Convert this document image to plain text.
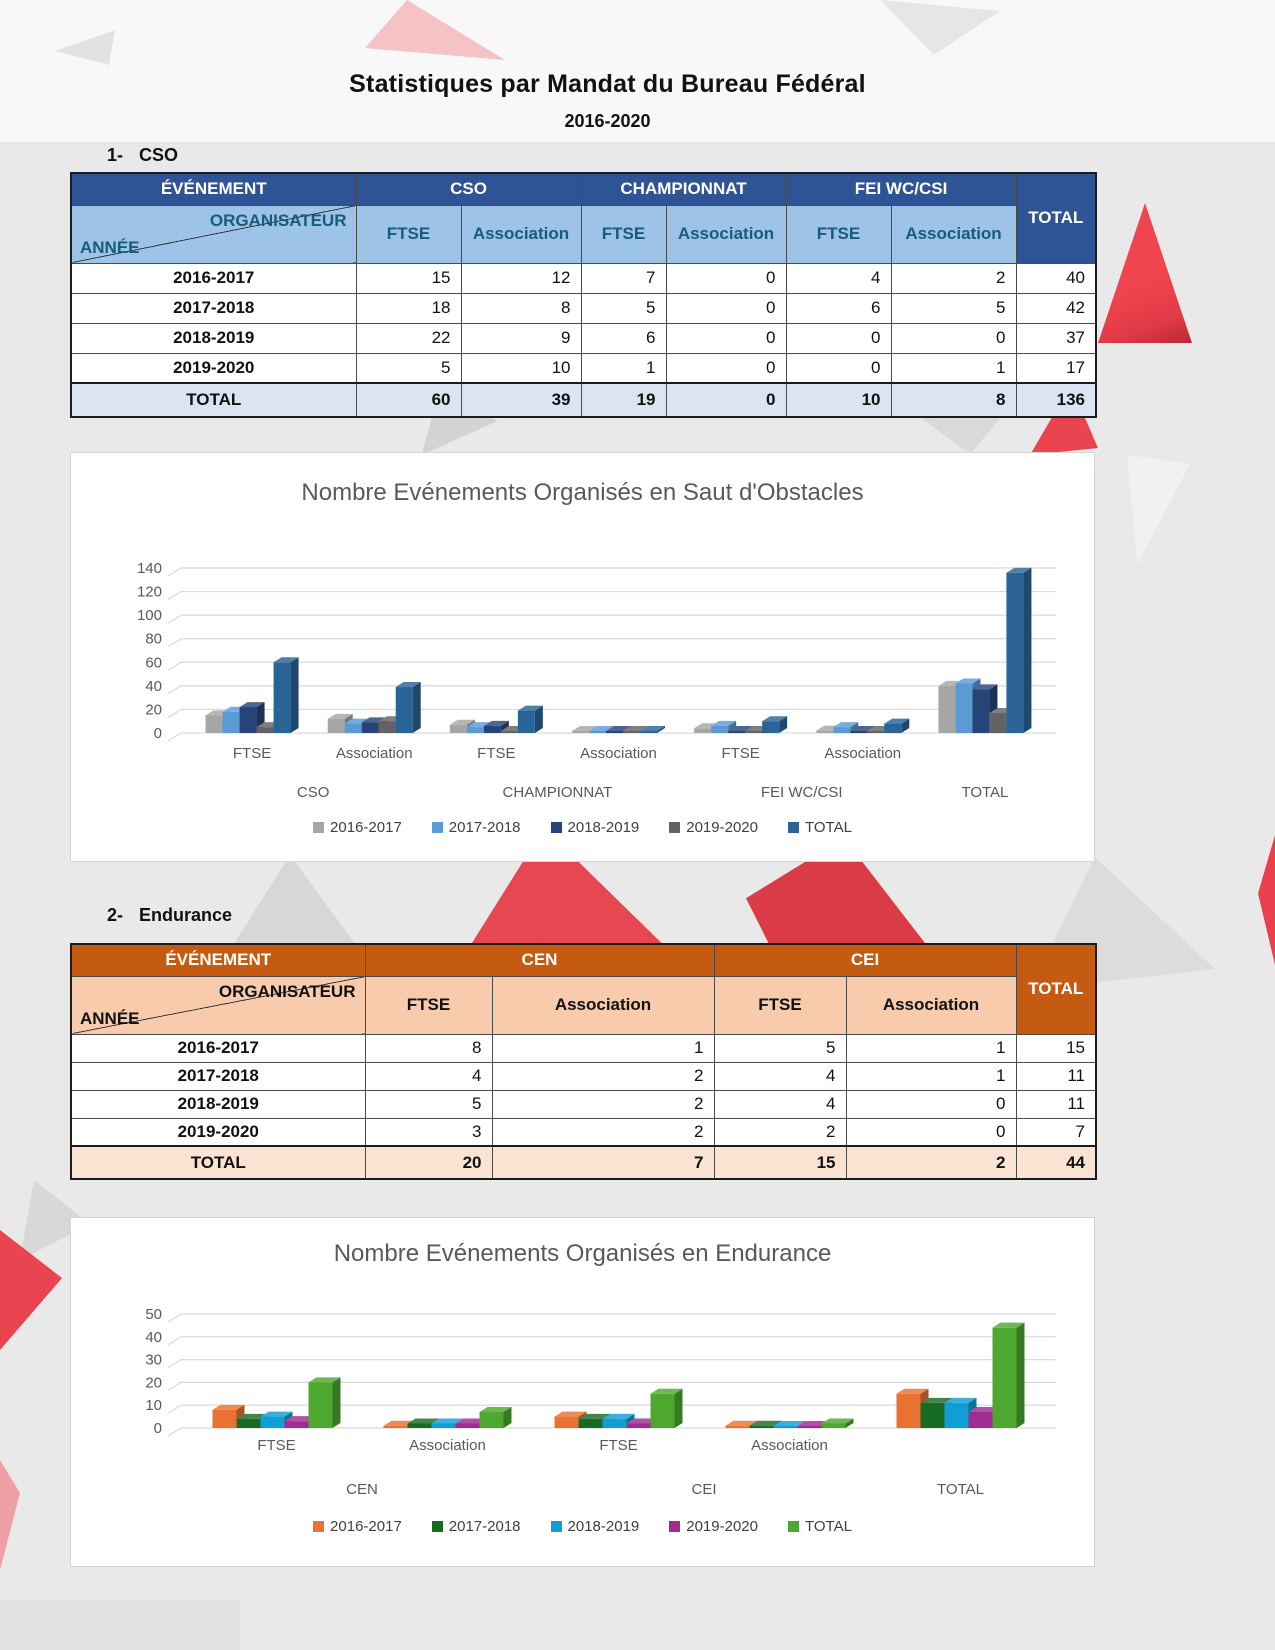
Statistiques par Mandat du Bureau Fédéral
2016-2020
1- CSO
ÉVÉNEMENT	CSO		CHAMPIONNAT		FEI WC/CSI		TOTAL

ORGANISATEUR
ANNÉE	FTSE	Association	FTSE	Association	FTSE	Association	
2016-2017	15	12	7	0	4	2	40
2017-2018	18	8	5	0	6	5	42
2018-2019	22	9	6	0	0	0	37
2019-2020	5	10	1	0	0	1	17
TOTAL	60	39	19	0	10	8	136
0
20
40
60
80
100
120
140
FTSE	Association	FTSE	Association	FTSE	Association
CSO	CHAMPIONNAT	FEI WC/CSI	TOTAL
Nombre Evénements Organisés en Saut d'Obstacles
2016-2017	2017-2018	2018-2019	2019-2020	TOTAL
2- Endurance
ÉVÉNEMENT	CEN		CEI		TOTAL

ORGANISATEUR
ANNÉE	FTSE	Association	FTSE	Association	
2016-2017	8	1	5	1	15
2017-2018	4	2	4	1	11
2018-2019	5	2	4	0	11
2019-2020	3	2	2	0	7
TOTAL	20	7	15	2	44
0
10
20
30
40
50
FTSE	Association	FTSE	Association
CEN	CEI	TOTAL
Nombre Evénements Organisés en Endurance
2016-2017	2017-2018	2018-2019	2019-2020	TOTAL
